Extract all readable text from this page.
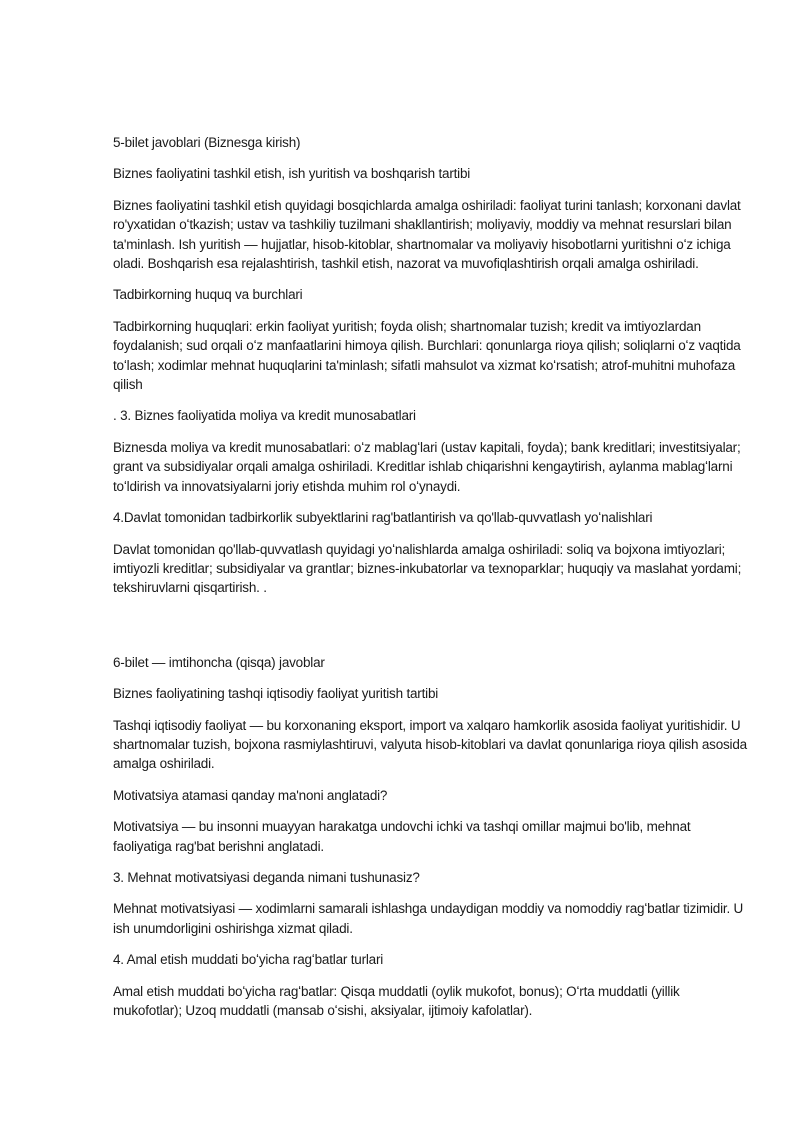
5-bilet javoblari (Biznesga kirish)

Biznes faoliyatini tashkil etish, ish yuritish va boshqarish tartibi

Biznes faoliyatini tashkil etish quyidagi bosqichlarda amalga oshiriladi: faoliyat turini tanlash; korxonani davlat ro'yxatidan oʻtkazish; ustav va tashkiliy tuzilmani shakllantirish; moliyaviy, moddiy va mehnat resurslari bilan ta'minlash. Ish yuritish — hujjatlar, hisob-kitoblar, shartnomalar va moliyaviy hisobotlarni yuritishni oʻz ichiga oladi. Boshqarish esa rejalashtirish, tashkil etish, nazorat va muvofiqlashtirish orqali amalga oshiriladi.

Tadbirkorning huquq va burchlari

Tadbirkorning huquqlari: erkin faoliyat yuritish; foyda olish; shartnomalar tuzish; kredit va imtiyozlardan foydalanish; sud orqali oʻz manfaatlarini himoya qilish. Burchlari: qonunlarga rioya qilish; soliqlarni oʻz vaqtida toʻlash; xodimlar mehnat huquqlarini ta'minlash; sifatli mahsulot va xizmat koʻrsatish; atrof-muhitni muhofaza qilish

. 3. Biznes faoliyatida moliya va kredit munosabatlari

Biznesda moliya va kredit munosabatlari: oʻz mablagʻlari (ustav kapitali, foyda); bank kreditlari; investitsiyalar; grant va subsidiyalar orqali amalga oshiriladi. Kreditlar ishlab chiqarishni kengaytirish, aylanma mablagʻlarni toʻldirish va innovatsiyalarni joriy etishda muhim rol oʻynaydi.

4.Davlat tomonidan tadbirkorlik subyektlarini rag'batlantirish va qo'llab-quvvatlash yoʻnalishlari

Davlat tomonidan qo'llab-quvvatlash quyidagi yoʻnalishlarda amalga oshiriladi: soliq va bojxona imtiyozlari; imtiyozli kreditlar; subsidiyalar va grantlar; biznes-inkubatorlar va texnoparklar; huquqiy va maslahat yordami; tekshiruvlarni qisqartirish. .

6-bilet — imtihoncha (qisqa) javoblar

Biznes faoliyatining tashqi iqtisodiy faoliyat yuritish tartibi

Tashqi iqtisodiy faoliyat — bu korxonaning eksport, import va xalqaro hamkorlik asosida faoliyat yuritishidir. U shartnomalar tuzish, bojxona rasmiylashtiruvi, valyuta hisob-kitoblari va davlat qonunlariga rioya qilish asosida amalga oshiriladi.

Motivatsiya atamasi qanday ma'noni anglatadi?

Motivatsiya — bu insonni muayyan harakatga undovchi ichki va tashqi omillar majmui bo'lib, mehnat faoliyatiga rag'bat berishni anglatadi.

3. Mehnat motivatsiyasi deganda nimani tushunasiz?

Mehnat motivatsiyasi — xodimlarni samarali ishlashga undaydigan moddiy va nomoddiy ragʻbatlar tizimidir. U ish unumdorligini oshirishga xizmat qiladi.

4. Amal etish muddati boʻyicha ragʻbatlar turlari

Amal etish muddati boʻyicha ragʻbatlar: Qisqa muddatli (oylik mukofot, bonus); Oʻrta muddatli (yillik mukofotlar); Uzoq muddatli (mansab oʻsishi, aksiyalar, ijtimoiy kafolatlar).
